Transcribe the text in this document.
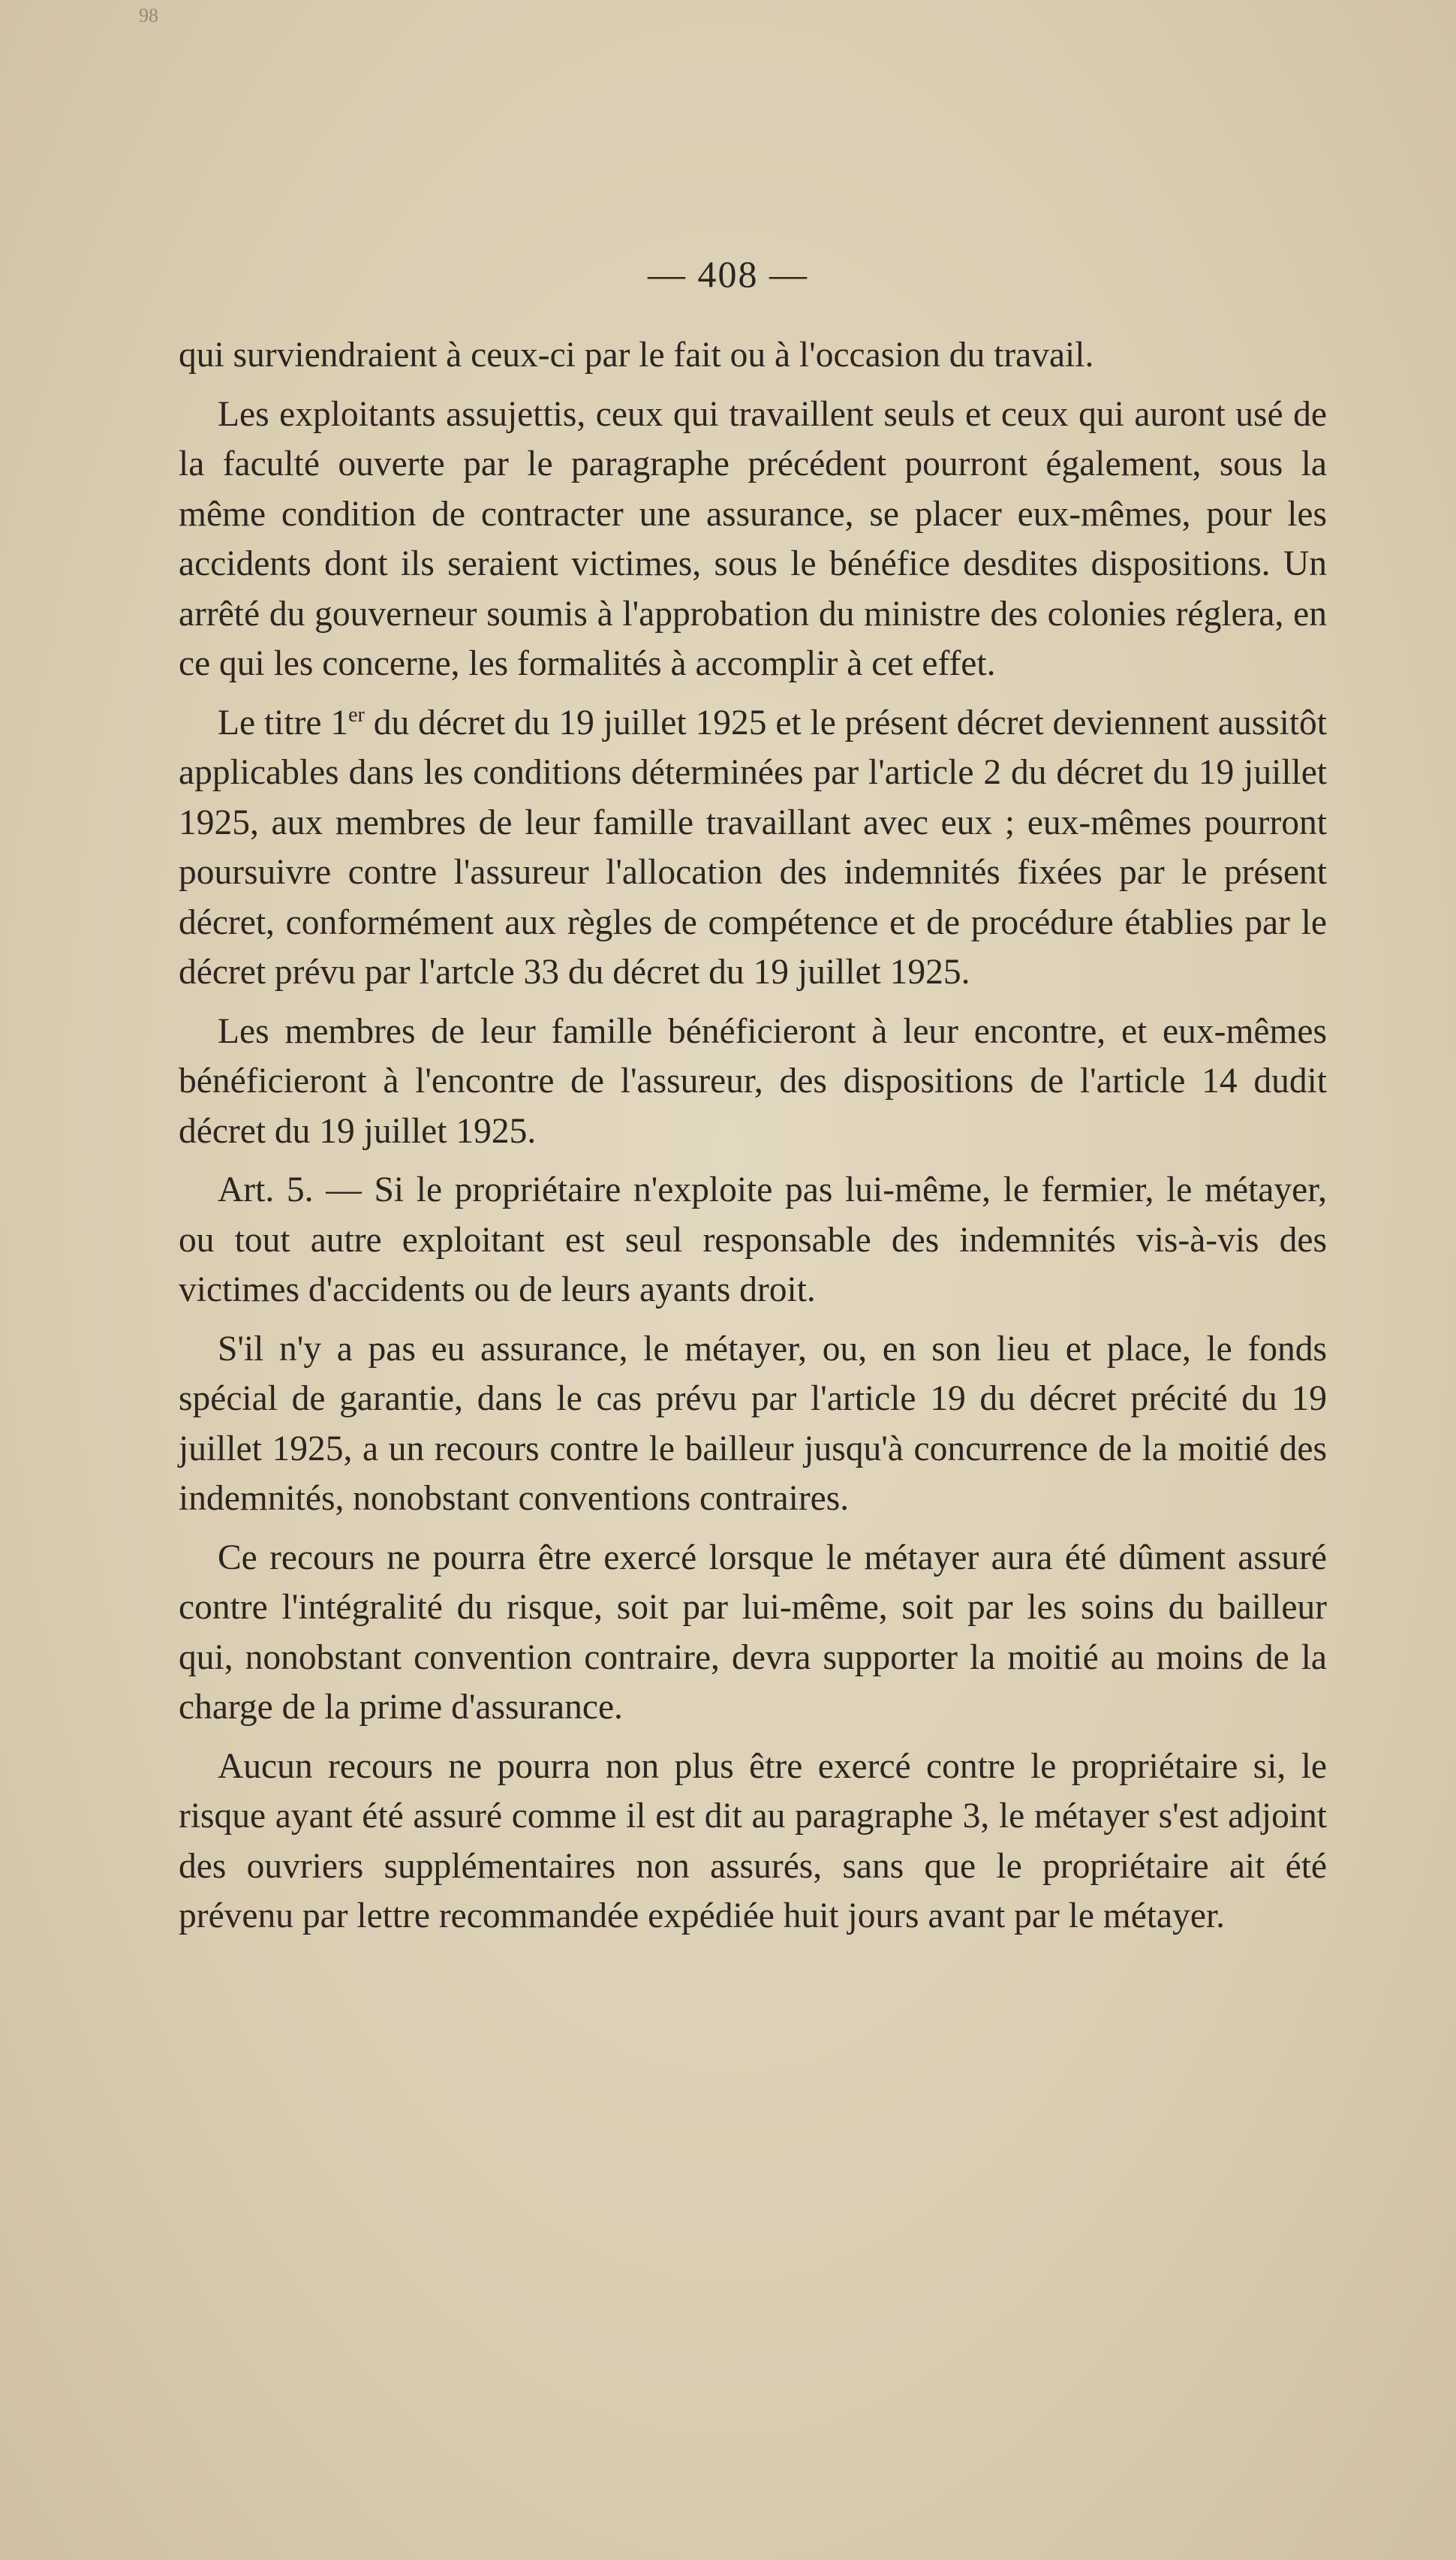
98
— 408 —

qui surviendraient à ceux-ci par le fait ou à l'occasion du travail.

Les exploitants assujettis, ceux qui travaillent seuls et ceux qui auront usé de la faculté ouverte par le paragraphe précédent pourront également, sous la même condition de contracter une assurance, se placer eux-mêmes, pour les accidents dont ils seraient victimes, sous le bénéfice desdites dispositions. Un arrêté du gouverneur soumis à l'approbation du ministre des colonies réglera, en ce qui les concerne, les formalités à accomplir à cet effet.

Le titre 1er du décret du 19 juillet 1925 et le présent décret deviennent aussitôt applicables dans les conditions déterminées par l'article 2 du décret du 19 juillet 1925, aux membres de leur famille travaillant avec eux ; eux-mêmes pourront poursuivre contre l'assureur l'allocation des indemnités fixées par le présent décret, conformément aux règles de compétence et de procédure établies par le décret prévu par l'artcle 33 du décret du 19 juillet 1925.

Les membres de leur famille bénéficieront à leur encontre, et eux-mêmes bénéficieront à l'encontre de l'assureur, des dispositions de l'article 14 dudit décret du 19 juillet 1925.

Art. 5. — Si le propriétaire n'exploite pas lui-même, le fermier, le métayer, ou tout autre exploitant est seul responsable des indemnités vis-à-vis des victimes d'accidents ou de leurs ayants droit.

S'il n'y a pas eu assurance, le métayer, ou, en son lieu et place, le fonds spécial de garantie, dans le cas prévu par l'article 19 du décret précité du 19 juillet 1925, a un recours contre le bailleur jusqu'à concurrence de la moitié des indemnités, nonobstant conventions contraires.

Ce recours ne pourra être exercé lorsque le métayer aura été dûment assuré contre l'intégralité du risque, soit par lui-même, soit par les soins du bailleur qui, nonobstant convention contraire, devra supporter la moitié au moins de la charge de la prime d'assurance.

Aucun recours ne pourra non plus être exercé contre le propriétaire si, le risque ayant été assuré comme il est dit au paragraphe 3, le métayer s'est adjoint des ouvriers supplémentaires non assurés, sans que le propriétaire ait été prévenu par lettre recommandée expédiée huit jours avant par le métayer.
